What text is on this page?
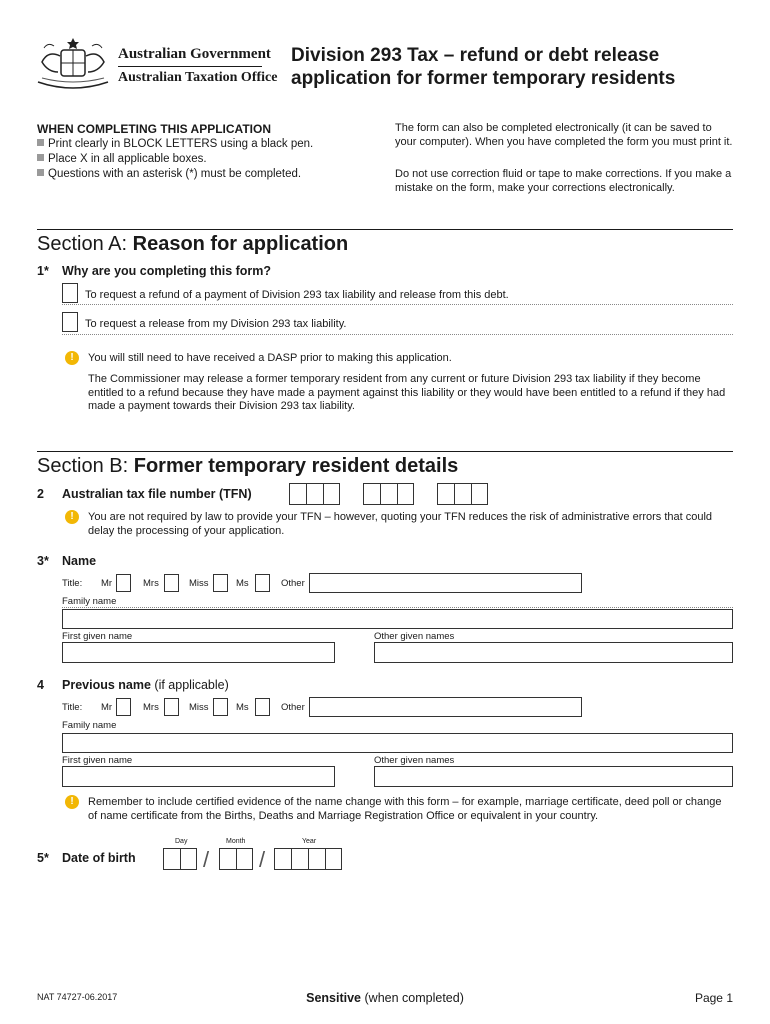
Australian Government
Australian Taxation Office
Division 293 Tax – refund or debt release
application for former temporary residents
WHEN COMPLETING THIS APPLICATION
Print clearly in BLOCK LETTERS using a black pen.
Place X in all applicable boxes.
Questions with an asterisk (*) must be completed.
The form can also be completed electronically (it can be saved to your computer). When you have completed the form you must print it.
Do not use correction fluid or tape to make corrections. If you make a mistake on the form, make your corrections electronically.
Section A: Reason for application
1* Why are you completing this form?
To request a refund of a payment of Division 293 tax liability and release from this debt.
To request a release from my Division 293 tax liability.
!	You will still need to have received a DASP prior to making this application.
The Commissioner may release a former temporary resident from any current or future Division 293 tax liability if they become entitled to a refund because they have made a payment against this liability or they would have been entitled to a refund if they had made a payment towards their Division 293 tax liability.
Section B: Former temporary resident details
2 Australian tax file number (TFN)
!	You are not required by law to provide your TFN – however, quoting your TFN reduces the risk of administrative errors that could delay the processing of your application.
3* Name
Title: Mr	Mrs	Miss	Ms	Other
Family name
First given name	Other given names
4 Previous name (if applicable)
Title: Mr	Mrs	Miss	Ms	Other
Family name
First given name	Other given names
!	Remember to include certified evidence of the name change with this form – for example, marriage certificate, deed poll or change of name certificate from the Births, Deaths and Marriage Registration Office or equivalent in your country.
Day	Month	Year
5* Date of birth	/ /
NAT 74727-06.2017	Sensitive (when completed)	Page 1
